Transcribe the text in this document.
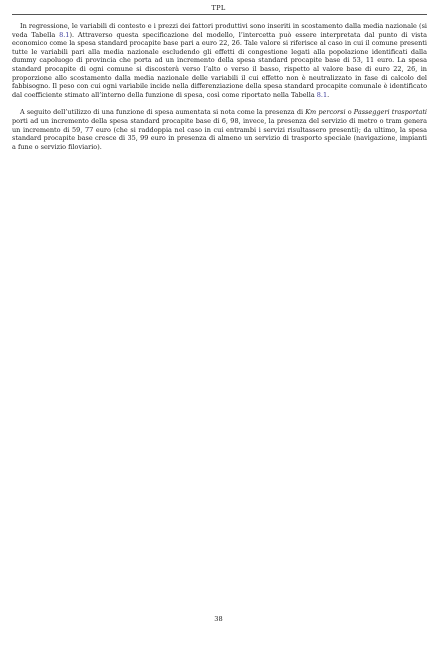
TPL

In regressione, le variabili di contesto e i prezzi dei fattori produttivi sono inseriti in scostamento dalla media nazionale (si veda Tabella 8.1). Attraverso questa specificazione del modello, l’intercetta può essere interpretata dal punto di vista economico come la spesa standard procapite base pari a euro 22, 26. Tale valore si riferisce al caso in cui il comune presenti tutte le variabili pari alla media nazionale escludendo gli effetti di congestione legati alla popolazione identificati dalla dummy capoluogo di provincia che porta ad un incremento della spesa standard procapite base di 53, 11 euro. La spesa standard procapite di ogni comune si discosterà verso l’alto o verso il basso, rispetto al valore base di euro 22, 26, in proporzione allo scostamento dalla media nazionale delle variabili il cui effetto non è neutralizzato in fase di calcolo del fabbisogno. Il peso con cui ogni variabile incide nella differenziazione della spesa standard procapite comunale è identificato dal coefficiente stimato all’interno della funzione di spesa, così come riportato nella Tabella 8.1.

A seguito dell’utilizzo di una funzione di spesa aumentata si nota come la presenza di Km percorsi o Passeggeri trasportati porti ad un incremento della spesa standard procapite base di 6, 98, invece, la presenza del servizio di metro o tram genera un incremento di 59, 77 euro (che si raddoppia nel caso in cui entrambi i servizi risultassero presenti); da ultimo, la spesa standard procapite base cresce di 35, 99 euro in presenza di almeno un servizio di trasporto speciale (navigazione, impianti a fune o servizio filoviario).

38
